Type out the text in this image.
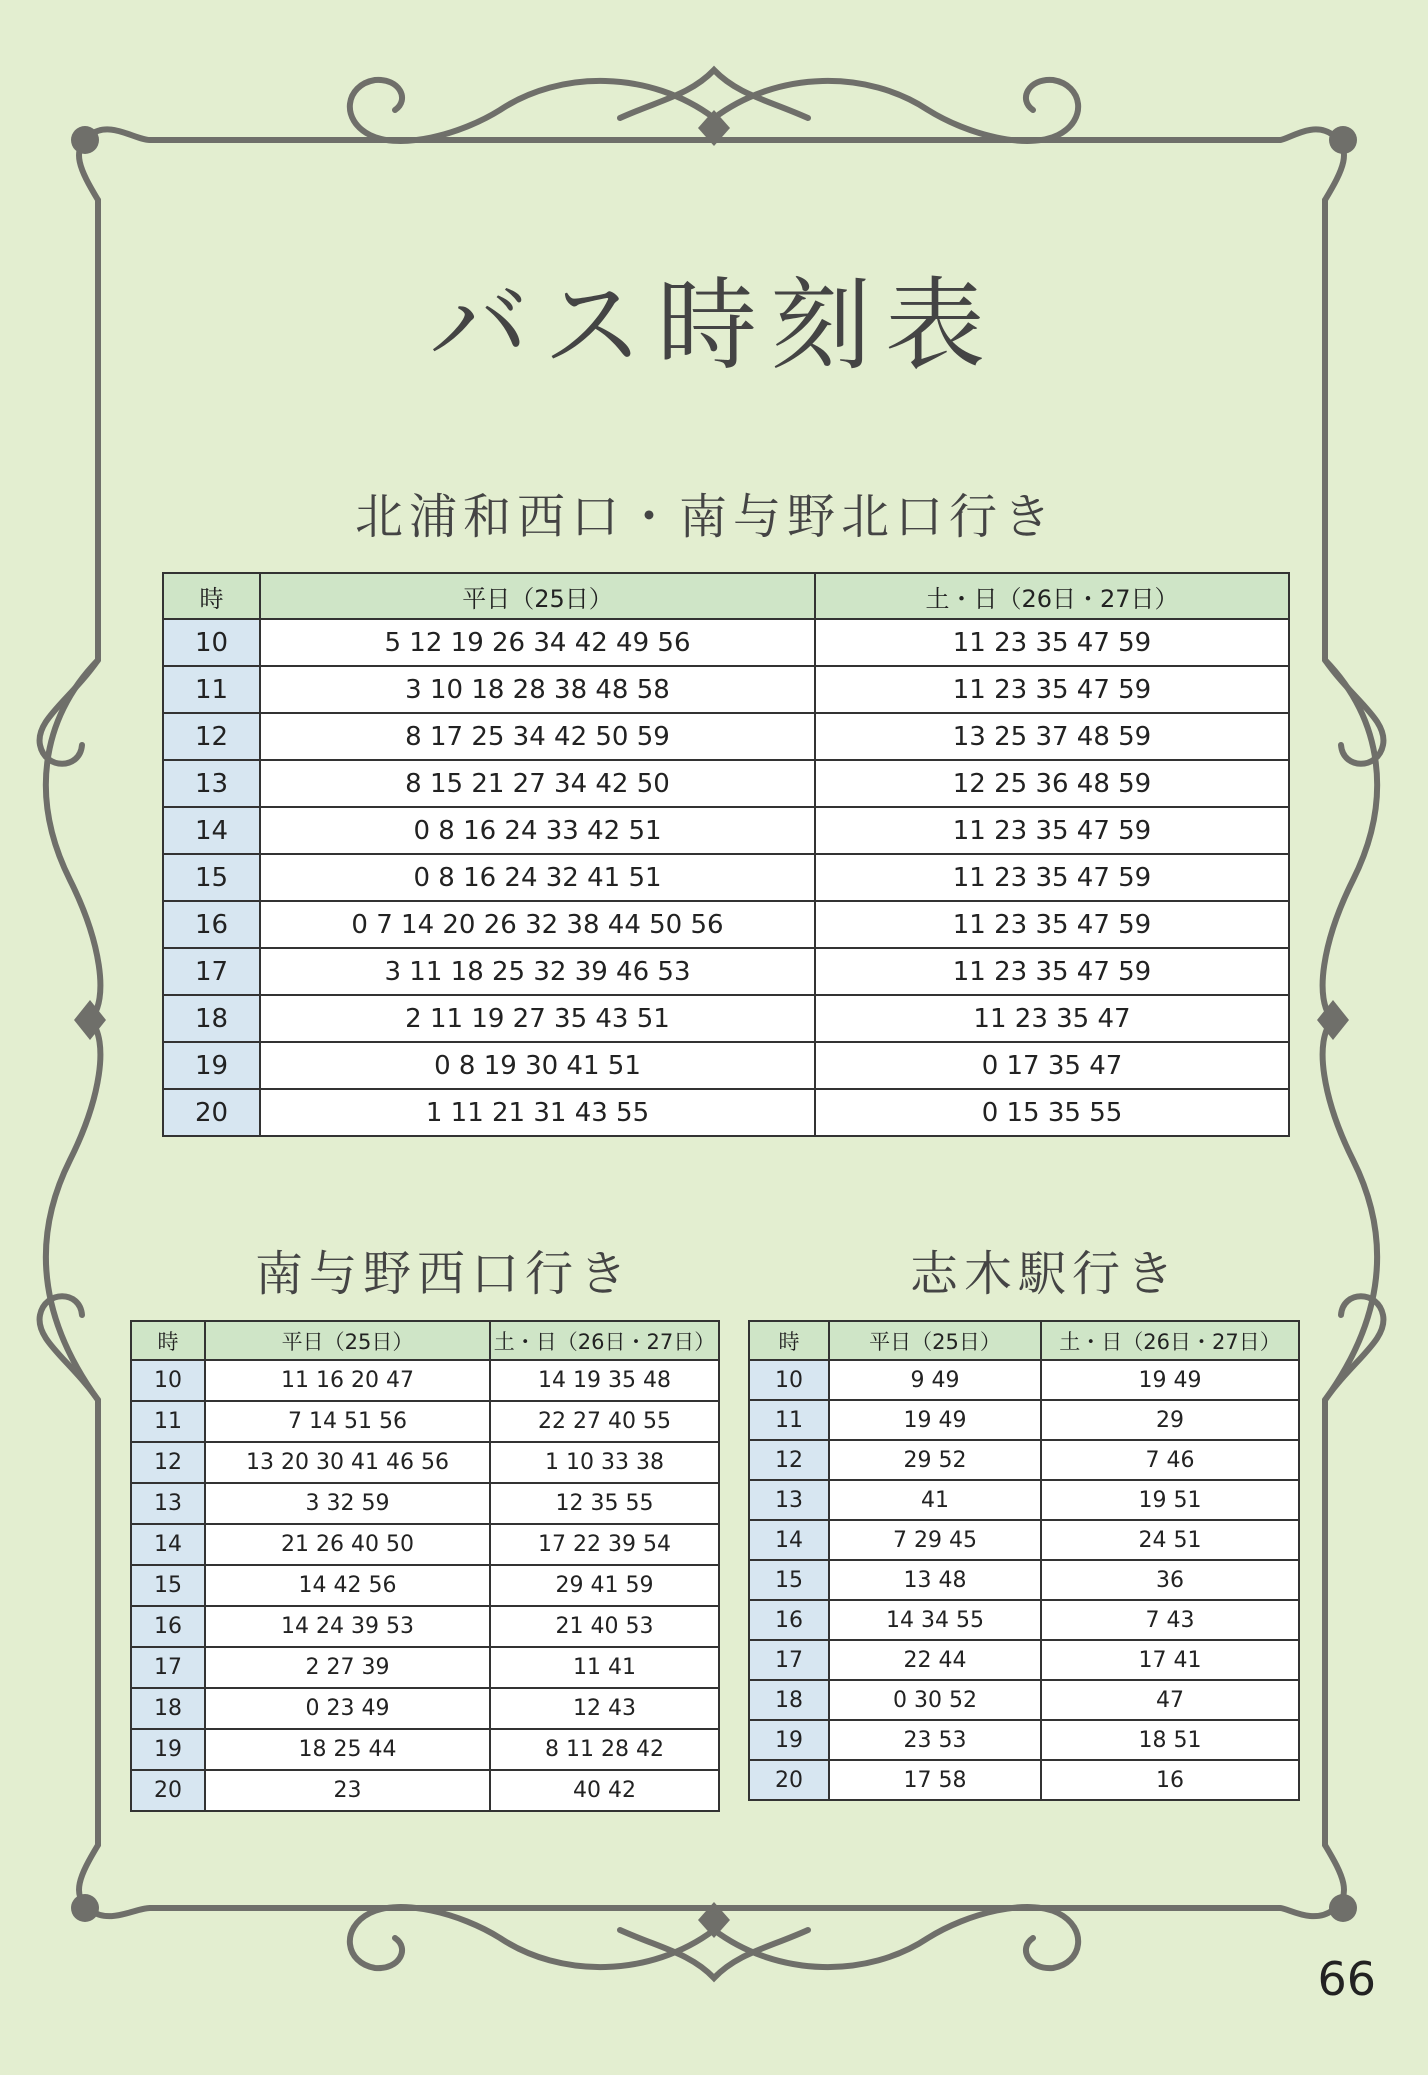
バス時刻表
北浦和西口・南与野北口行き
時	平日（25日）	土・日（26日・27日）
10	5 12 19 26 34 42 49 56	11 23 35 47 59
11	3 10 18 28 38 48 58	11 23 35 47 59
12	8 17 25 34 42 50 59	13 25 37 48 59
13	8 15 21 27 34 42 50	12 25 36 48 59
14	0 8 16 24 33 42 51	11 23 35 47 59
15	0 8 16 24 32 41 51	11 23 35 47 59
16	0 7 14 20 26 32 38 44 50 56	11 23 35 47 59
17	3 11 18 25 32 39 46 53	11 23 35 47 59
18	2 11 19 27 35 43 51	11 23 35 47
19	0 8 19 30 41 51	0 17 35 47
20	1 11 21 31 43 55	0 15 35 55
南与野西口行き
時	平日（25日）	土・日（26日・27日）
10	11 16 20 47	14 19 35 48
11	7 14 51 56	22 27 40 55
12	13 20 30 41 46 56	1 10 33 38
13	3 32 59	12 35 55
14	21 26 40 50	17 22 39 54
15	14 42 56	29 41 59
16	14 24 39 53	21 40 53
17	2 27 39	11 41
18	0 23 49	12 43
19	18 25 44	8 11 28 42
20	23	40 42
志木駅行き
時	平日（25日）	土・日（26日・27日）
10	9 49	19 49
11	19 49	29
12	29 52	7 46
13	41	19 51
14	7 29 45	24 51
15	13 48	36
16	14 34 55	7 43
17	22 44	17 41
18	0 30 52	47
19	23 53	18 51
20	17 58	16
66
